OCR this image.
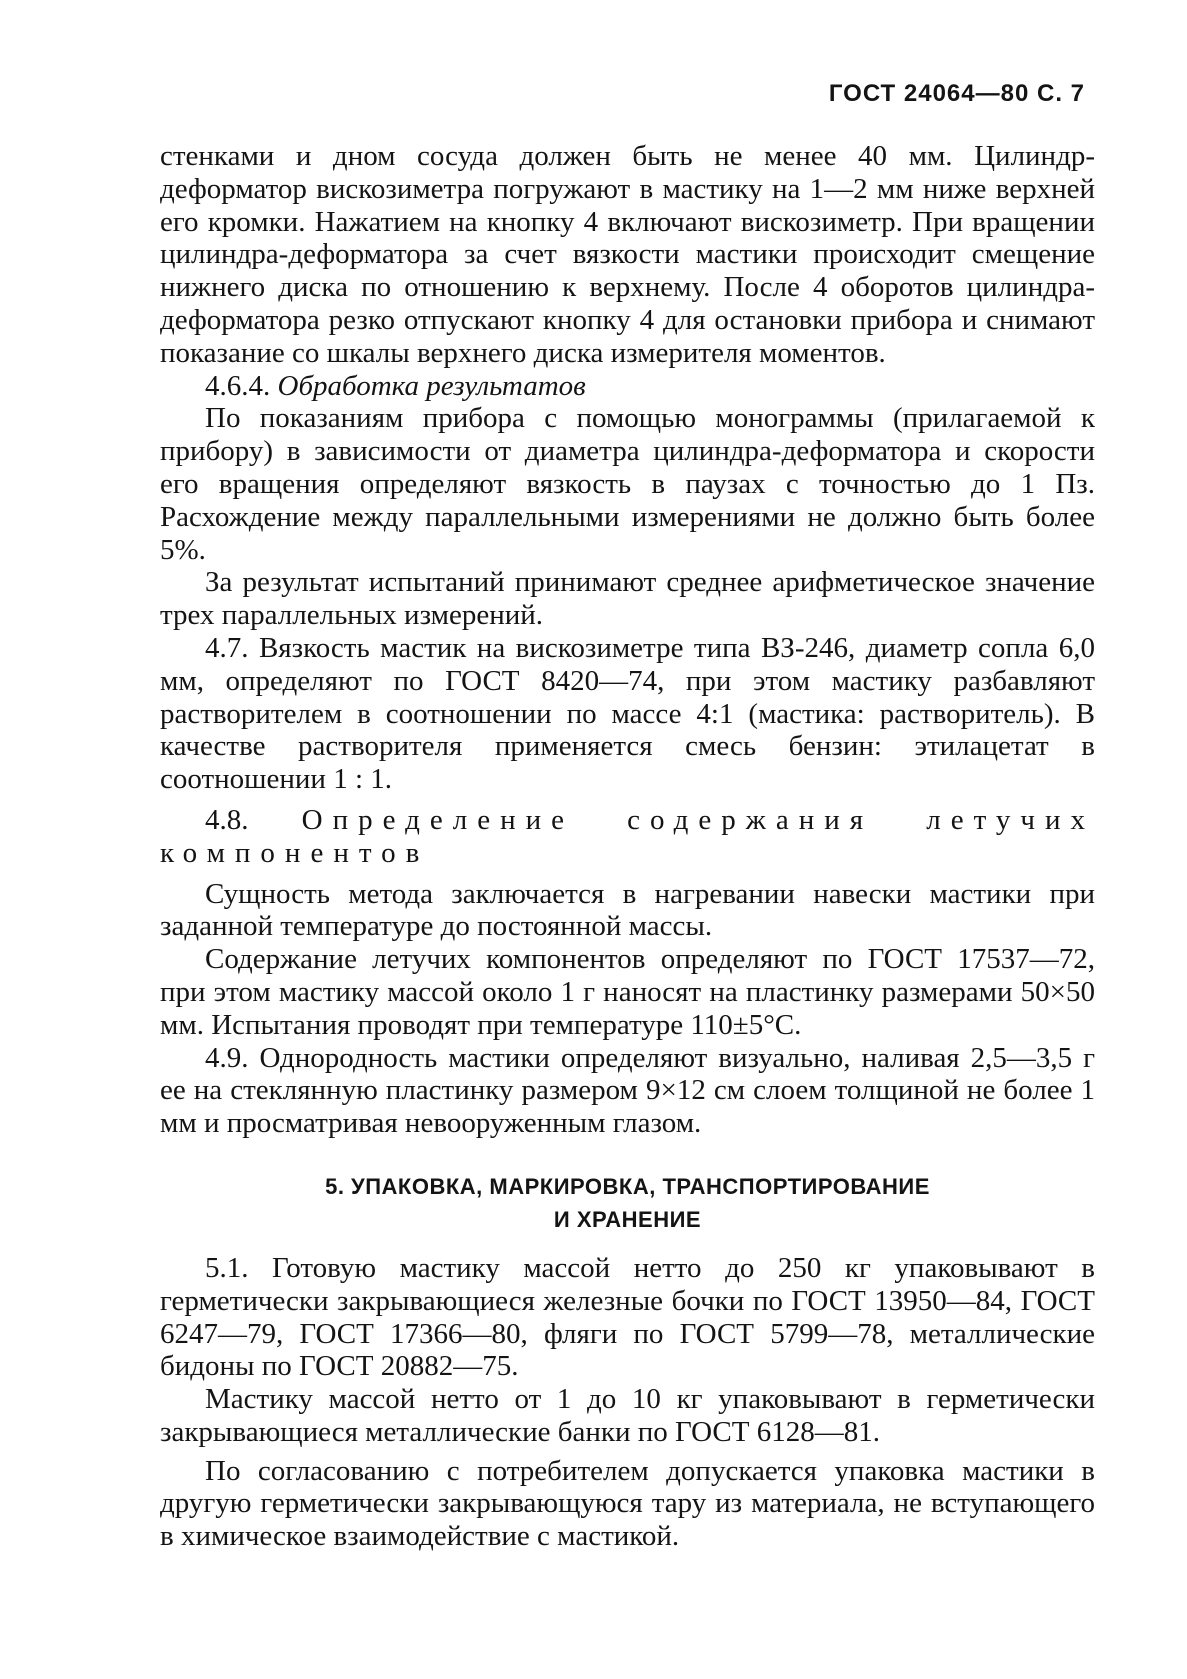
ГОСТ 24064—80 С. 7

стенками и дном сосуда должен быть не менее 40 мм. Цилиндр-деформатор вискозиметра погружают в мастику на 1—2 мм ниже верхней его кромки. Нажатием на кнопку 4 включают вискозиметр. При вращении цилиндра-деформатора за счет вязкости мастики происходит смещение нижнего диска по отношению к верхнему. После 4 оборотов цилиндра-деформатора резко отпускают кнопку 4 для остановки прибора и снимают показание со шкалы верхнего диска измерителя моментов.

4.6.4. Обработка результатов

По показаниям прибора с помощью монограммы (прилагаемой к прибору) в зависимости от диаметра цилиндра-деформатора и скорости его вращения определяют вязкость в паузах с точностью до 1 Пз. Расхождение между параллельными измерениями не должно быть более 5%.

За результат испытаний принимают среднее арифметическое значение трех параллельных измерений.

4.7. Вязкость мастик на вискозиметре типа ВЗ-246, диаметр сопла 6,0 мм, определяют по ГОСТ 8420—74, при этом мастику разбавляют растворителем в соотношении по массе 4:1 (мастика: растворитель). В качестве растворителя применяется смесь бензин: этилацетат в соотношении 1 : 1.

4.8. Определение содержания летучих компонентов

Сущность метода заключается в нагревании навески мастики при заданной температуре до постоянной массы.

Содержание летучих компонентов определяют по ГОСТ 17537—72, при этом мастику массой около 1 г наносят на пластинку размерами 50×50 мм. Испытания проводят при температуре 110±5°С.

4.9. Однородность мастики определяют визуально, наливая 2,5—3,5 г ее на стеклянную пластинку размером 9×12 см слоем толщиной не более 1 мм и просматривая невооруженным глазом.

5. УПАКОВКА, МАРКИРОВКА, ТРАНСПОРТИРОВАНИЕ
И ХРАНЕНИЕ

5.1. Готовую мастику массой нетто до 250 кг упаковывают в герметически закрывающиеся железные бочки по ГОСТ 13950—84, ГОСТ 6247—79, ГОСТ 17366—80, фляги по ГОСТ 5799—78, металлические бидоны по ГОСТ 20882—75.

Мастику массой нетто от 1 до 10 кг упаковывают в герметически закрывающиеся металлические банки по ГОСТ 6128—81.

По согласованию с потребителем допускается упаковка мастики в другую герметически закрывающуюся тару из материала, не вступающего в химическое взаимодействие с мастикой.
